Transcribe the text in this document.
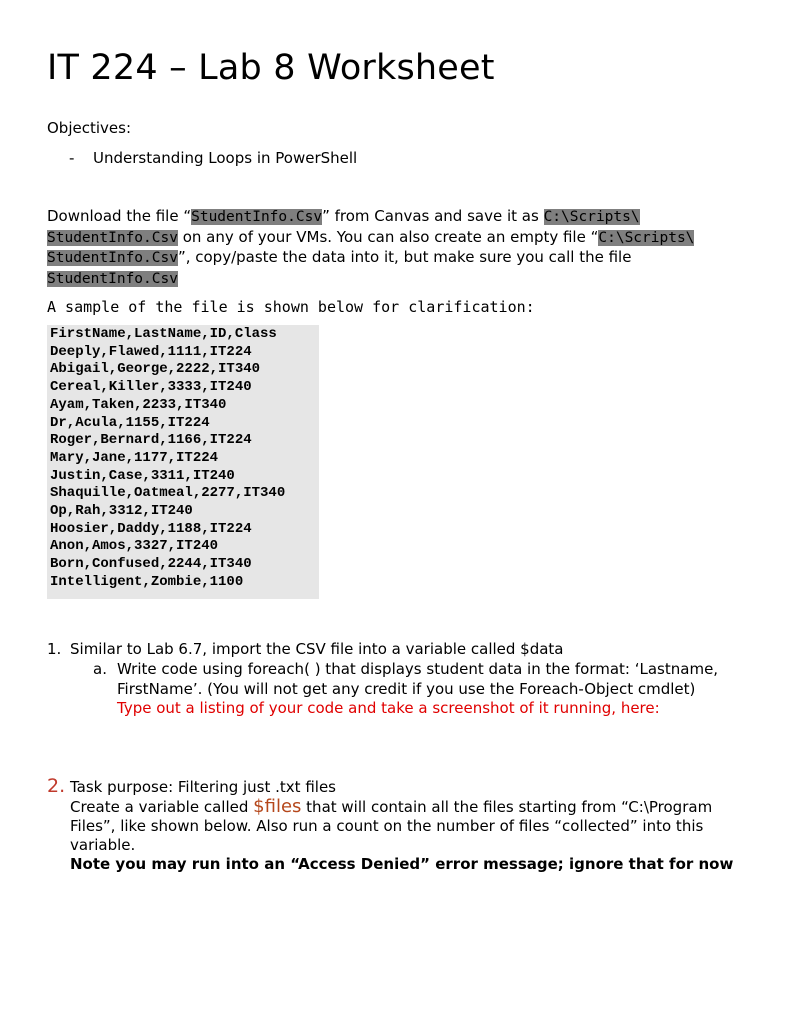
IT 224 – Lab 8 Worksheet
Objectives:
- Understanding Loops in PowerShell
Download the file “StudentInfo.Csv” from Canvas and save it as C:\Scripts\
StudentInfo.Csv on any of your VMs. You can also create an empty file “C:\Scripts\
StudentInfo.Csv”, copy/paste the data into it, but make sure you call the file
StudentInfo.Csv
A sample of the file is shown below for clarification:
FirstName,LastName,ID,Class
Deeply,Flawed,1111,IT224
Abigail,George,2222,IT340
Cereal,Killer,3333,IT240
Ayam,Taken,2233,IT340
Dr,Acula,1155,IT224
Roger,Bernard,1166,IT224
Mary,Jane,1177,IT224
Justin,Case,3311,IT240
Shaquille,Oatmeal,2277,IT340
Op,Rah,3312,IT240
Hoosier,Daddy,1188,IT224
Anon,Amos,3327,IT240
Born,Confused,2244,IT340
Intelligent,Zombie,1100
1. Similar to Lab 6.7, import the CSV file into a variable called $data
a. Write code using foreach( ) that displays student data in the format: ‘Lastname, FirstName’. (You will not get any credit if you use the Foreach-Object cmdlet)
Type out a listing of your code and take a screenshot of it running, here:
2. Task purpose: Filtering just .txt files
Create a variable called $files that will contain all the files starting from “C:\Program Files”, like shown below. Also run a count on the number of files “collected” into this variable.
Note you may run into an “Access Denied” error message; ignore that for now
